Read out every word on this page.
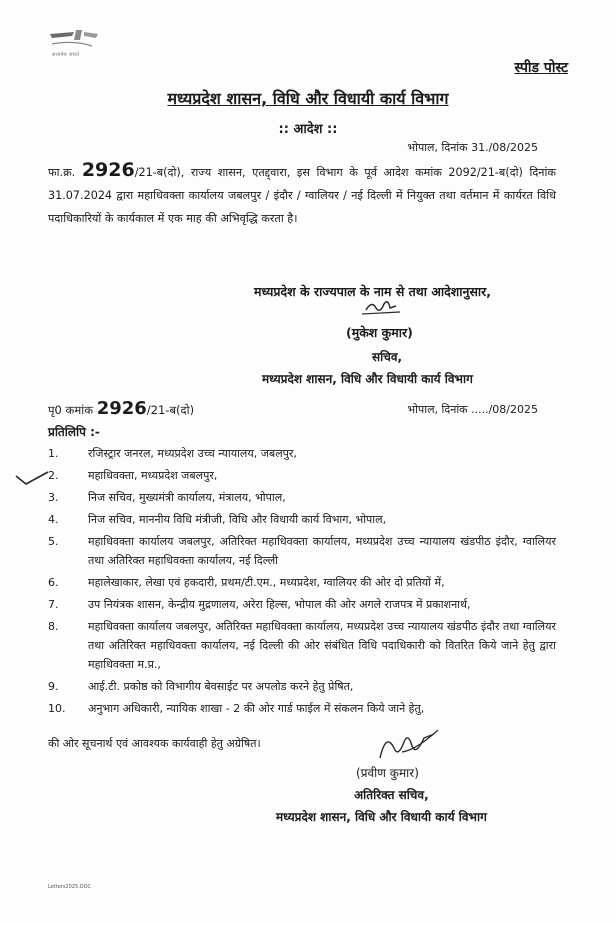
सत्यमेव जयते
स्पीड पोस्ट
मध्यप्रदेश शासन, विधि और विधायी कार्य विभाग
:: आदेश ::
भोपाल, दिनांक 31./08/2025
फा.क्र. 2926/21-ब(दो), राज्य शासन, एतद्द्वारा, इस विभाग के पूर्व आदेश कमांक 2092/21-ब(दो) दिनांक 31.07.2024 द्वारा महाधिवक्ता कार्यालय जबलपुर / इंदौर / ग्वालियर / नई दिल्ली में नियुक्त तथा वर्तमान में कार्यरत विधि पदाधिकारियों के कार्यकाल में एक माह की अभिवृद्धि करता है।
मध्यप्रदेश के राज्यपाल के नाम से तथा आदेशानुसार,
(मुकेश कुमार)
सचिव,
मध्यप्रदेश शासन, विधि और विधायी कार्य विभाग
पृ0 कमांक 2926/21-ब(दो)	भोपाल, दिनांक ...../08/2025
प्रतिलिपि :-
1.	रजिस्ट्रार जनरल, मध्यप्रदेश उच्च न्यायालय, जबलपुर,
2.	महाधिवक्ता, मध्यप्रदेश जबलपुर,
3.	निज सचिव, मुख्यमंत्री कार्यालय, मंत्रालय, भोपाल,
4.	निज सचिव, माननीय विधि मंत्रीजी, विधि और विधायी कार्य विभाग, भोपाल,
5.	महाधिवक्ता कार्यालय जबलपुर, अतिरिक्त महाधिवक्ता कार्यालय, मध्यप्रदेश उच्च न्यायालय खंडपीठ इंदौर, ग्वालियर तथा अतिरिक्त महाधिवक्ता कार्यालय, नई दिल्ली
6.	महालेखाकार, लेखा एवं हकदारी, प्रथम/टी.एम., मध्यप्रदेश, ग्वालियर की ओर दो प्रतियों में,
7.	उप नियंत्रक शासन, केन्द्रीय मुद्रणालय, अरेरा हिल्स, भोपाल की ओर अगले राजपत्र में प्रकाशनार्थ,
8.	महाधिवक्ता कार्यालय जबलपुर, अतिरिक्त महाधिवक्ता कार्यालय, मध्यप्रदेश उच्च न्यायालय खंडपीठ इंदौर तथा ग्वालियर तथा अतिरिक्त महाधिवक्ता कार्यालय, नई दिल्ली की ओर संबंधित विधि पदाधिकारी को वितरित किये जाने हेतु द्वारा महाधिवक्ता म.प्र.,
9.	आई.टी. प्रकोष्ठ को विभागीय बेवसाईट पर अपलोड करने हेतु प्रेषित,
10.	अनुभाग अधिकारी, न्यायिक शाखा - 2 की ओर गार्ड फाईल में संकलन किये जाने हेतु,
की ओर सूचनार्थ एवं आवश्यक कार्यवाही हेतु अग्रेषित।
(प्रवीण कुमार)
अतिरिक्त सचिव,
मध्यप्रदेश शासन, विधि और विधायी कार्य विभाग
Letters2025.DOC
